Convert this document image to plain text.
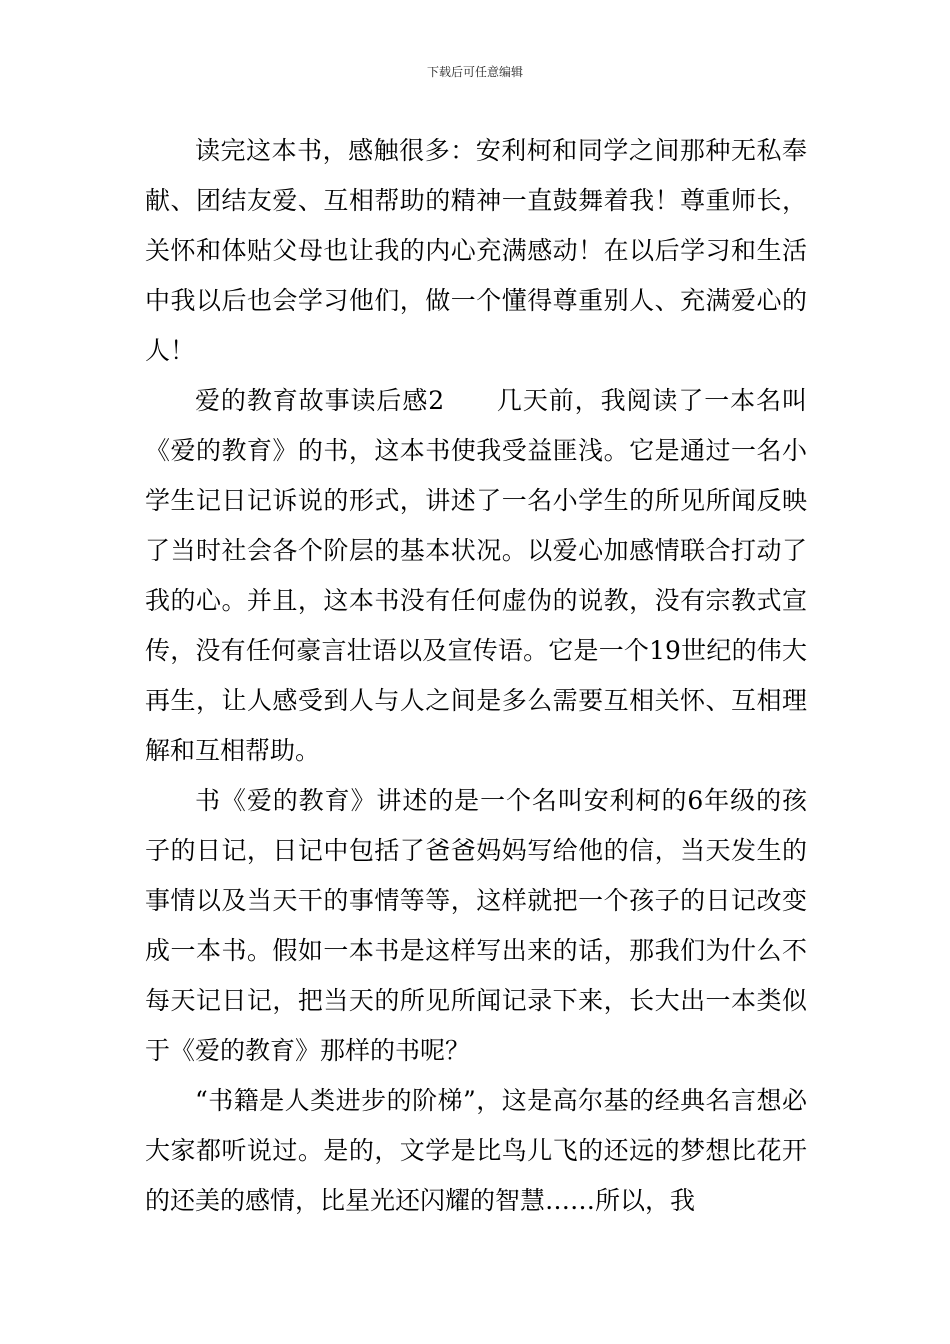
下载后可任意编辑

读完这本书，感触很多：安利柯和同学之间那种无私奉献、团结友爱、互相帮助的精神一直鼓舞着我！尊重师长，关怀和体贴父母也让我的内心充满感动！在以后学习和生活中我以后也会学习他们，做一个懂得尊重别人、充满爱心的人！

爱的教育故事读后感2　　几天前，我阅读了一本名叫《爱的教育》的书，这本书使我受益匪浅。它是通过一名小学生记日记诉说的形式，讲述了一名小学生的所见所闻反映了当时社会各个阶层的基本状况。以爱心加感情联合打动了我的心。并且，这本书没有任何虚伪的说教，没有宗教式宣传，没有任何豪言壮语以及宣传语。它是一个19世纪的伟大再生，让人感受到人与人之间是多么需要互相关怀、互相理解和互相帮助。

书《爱的教育》讲述的是一个名叫安利柯的6年级的孩子的日记，日记中包括了爸爸妈妈写给他的信，当天发生的事情以及当天干的事情等等，这样就把一个孩子的日记改变成一本书。假如一本书是这样写出来的话，那我们为什么不每天记日记，把当天的所见所闻记录下来，长大出一本类似于《爱的教育》那样的书呢？

“书籍是人类进步的阶梯”，这是高尔基的经典名言想必大家都听说过。是的，文学是比鸟儿飞的还远的梦想比花开的还美的感情，比星光还闪耀的智慧……所以，我
